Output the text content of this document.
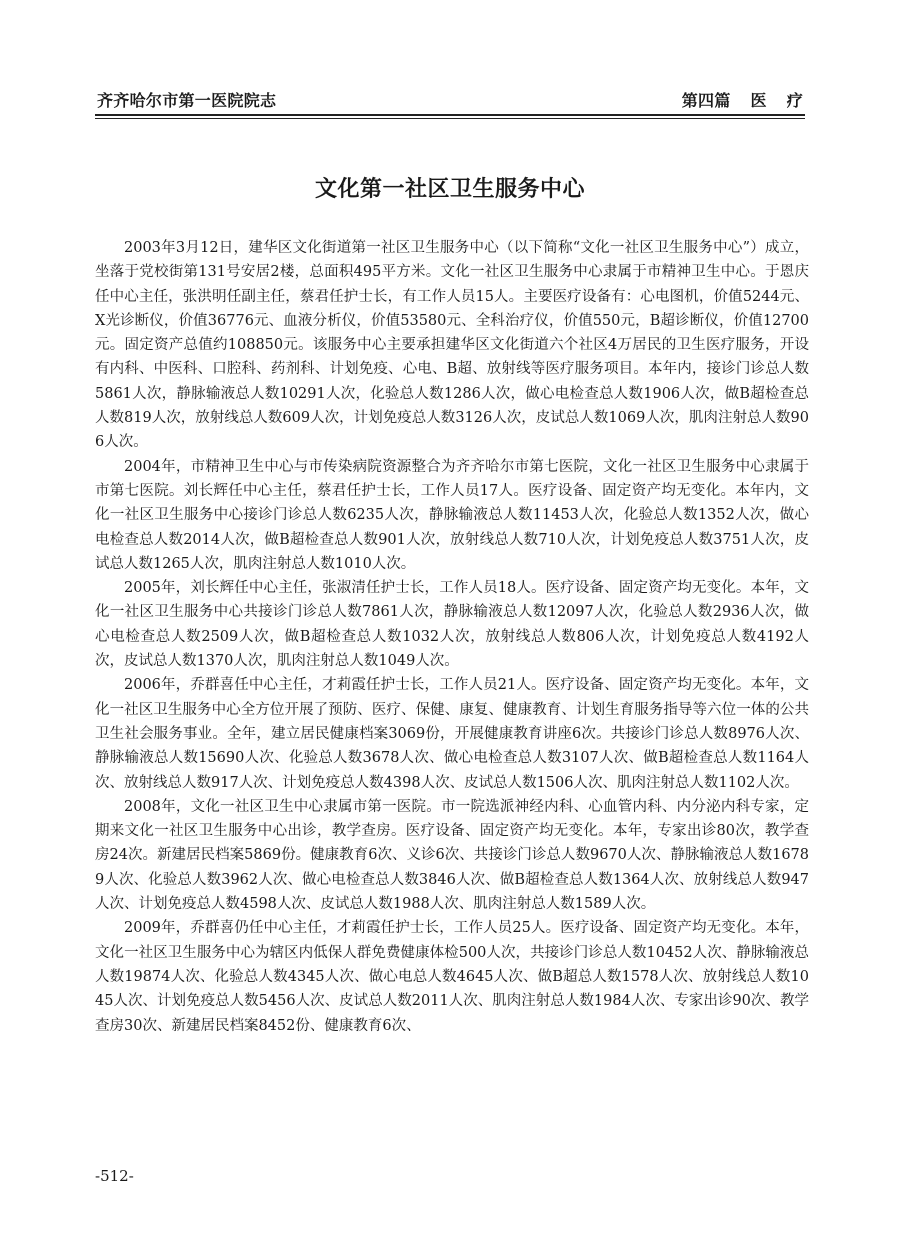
齐齐哈尔市第一医院院志	第四篇 医 疗
文化第一社区卫生服务中心

2003年3月12日，建华区文化街道第一社区卫生服务中心（以下简称“文化一社区卫生服务中心”）成立，坐落于党校街第131号安居2楼，总面积495平方米。文化一社区卫生服务中心隶属于市精神卫生中心。于恩庆任中心主任，张洪明任副主任，蔡君任护士长，有工作人员15人。主要医疗设备有：心电图机，价值5244元、X光诊断仪，价值36776元、血液分析仪，价值53580元、全科治疗仪，价值550元，B超诊断仪，价值12700元。固定资产总值约108850元。该服务中心主要承担建华区文化街道六个社区4万居民的卫生医疗服务，开设有内科、中医科、口腔科、药剂科、计划免疫、心电、B超、放射线等医疗服务项目。本年内，接诊门诊总人数5861人次，静脉输液总人数10291人次，化验总人数1286人次，做心电检查总人数1906人次，做B超检查总人数819人次，放射线总人数609人次，计划免疫总人数3126人次，皮试总人数1069人次，肌肉注射总人数906人次。

2004年，市精神卫生中心与市传染病院资源整合为齐齐哈尔市第七医院，文化一社区卫生服务中心隶属于市第七医院。刘长辉任中心主任，蔡君任护士长，工作人员17人。医疗设备、固定资产均无变化。本年内，文化一社区卫生服务中心接诊门诊总人数6235人次，静脉输液总人数11453人次，化验总人数1352人次，做心电检查总人数2014人次，做B超检查总人数901人次，放射线总人数710人次，计划免疫总人数3751人次，皮试总人数1265人次，肌肉注射总人数1010人次。

2005年，刘长辉任中心主任，张淑清任护士长，工作人员18人。医疗设备、固定资产均无变化。本年，文化一社区卫生服务中心共接诊门诊总人数7861人次，静脉输液总人数12097人次，化验总人数2936人次，做心电检查总人数2509人次，做B超检查总人数1032人次，放射线总人数806人次，计划免疫总人数4192人次，皮试总人数1370人次，肌肉注射总人数1049人次。

2006年，乔群喜任中心主任，才莉霞任护士长，工作人员21人。医疗设备、固定资产均无变化。本年，文化一社区卫生服务中心全方位开展了预防、医疗、保健、康复、健康教育、计划生育服务指导等六位一体的公共卫生社会服务事业。全年，建立居民健康档案3069份，开展健康教育讲座6次。共接诊门诊总人数8976人次、静脉输液总人数15690人次、化验总人数3678人次、做心电检查总人数3107人次、做B超检查总人数1164人次、放射线总人数917人次、计划免疫总人数4398人次、皮试总人数1506人次、肌肉注射总人数1102人次。

2008年，文化一社区卫生中心隶属市第一医院。市一院选派神经内科、心血管内科、内分泌内科专家，定期来文化一社区卫生服务中心出诊，教学查房。医疗设备、固定资产均无变化。本年，专家出诊80次，教学查房24次。新建居民档案5869份。健康教育6次、义诊6次、共接诊门诊总人数9670人次、静脉输液总人数16789人次、化验总人数3962人次、做心电检查总人数3846人次、做B超检查总人数1364人次、放射线总人数947人次、计划免疫总人数4598人次、皮试总人数1988人次、肌肉注射总人数1589人次。

2009年，乔群喜仍任中心主任，才莉霞任护士长，工作人员25人。医疗设备、固定资产均无变化。本年，文化一社区卫生服务中心为辖区内低保人群免费健康体检500人次，共接诊门诊总人数10452人次、静脉输液总人数19874人次、化验总人数4345人次、做心电总人数4645人次、做B超总人数1578人次、放射线总人数1045人次、计划免疫总人数5456人次、皮试总人数2011人次、肌肉注射总人数1984人次、专家出诊90次、教学查房30次、新建居民档案8452份、健康教育6次、

-512-
